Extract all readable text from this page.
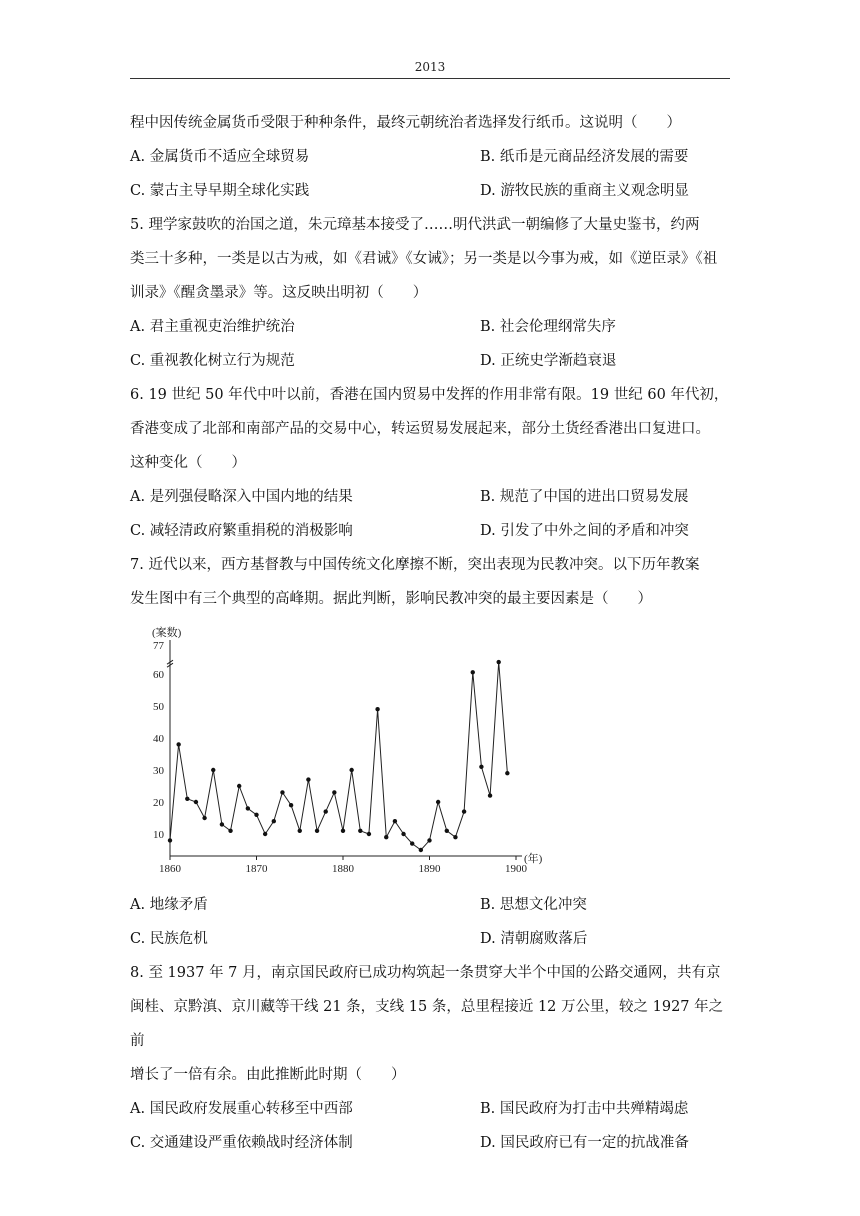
2013

程中因传统金属货币受限于种种条件，最终元朝统治者选择发行纸币。这说明（　　）

A. 金属货币不适应全球贸易	B. 纸币是元商品经济发展的需要

C. 蒙古主导早期全球化实践	D. 游牧民族的重商主义观念明显

5. 理学家鼓吹的治国之道，朱元璋基本接受了……明代洪武一朝编修了大量史鉴书，约两

类三十多种，一类是以古为戒，如《君诫》《女诫》；另一类是以今事为戒，如《逆臣录》《祖

训录》《醒贪墨录》等。这反映出明初（　　）

A. 君主重视吏治维护统治	B. 社会伦理纲常失序

C. 重视教化树立行为规范	D. 正统史学渐趋衰退

6. 19 世纪 50 年代中叶以前，香港在国内贸易中发挥的作用非常有限。19 世纪 60 年代初，

香港变成了北部和南部产品的交易中心，转运贸易发展起来，部分土货经香港出口复进口。

这种变化（　　）

A. 是列强侵略深入中国内地的结果	B. 规范了中国的进出口贸易发展

C. 减轻清政府繁重捐税的消极影响	D. 引发了中外之间的矛盾和冲突

7. 近代以来，西方基督教与中国传统文化摩擦不断，突出表现为民教冲突。以下历年教案

发生图中有三个典型的高峰期。据此判断，影响民教冲突的最主要因素是（　　）

(案数)
10
20
30
40
50
60
77
1860	1870	1880	1890	1900
(年)

A. 地缘矛盾	B. 思想文化冲突

C. 民族危机	D. 清朝腐败落后

8. 至 1937 年 7 月，南京国民政府已成功构筑起一条贯穿大半个中国的公路交通网，共有京

闽桂、京黔滇、京川藏等干线 21 条，支线 15 条，总里程接近 12 万公里，较之 1927 年之前

增长了一倍有余。由此推断此时期（　　）

A. 国民政府发展重心转移至中西部	B. 国民政府为打击中共殚精竭虑

C. 交通建设严重依赖战时经济体制	D. 国民政府已有一定的抗战准备
